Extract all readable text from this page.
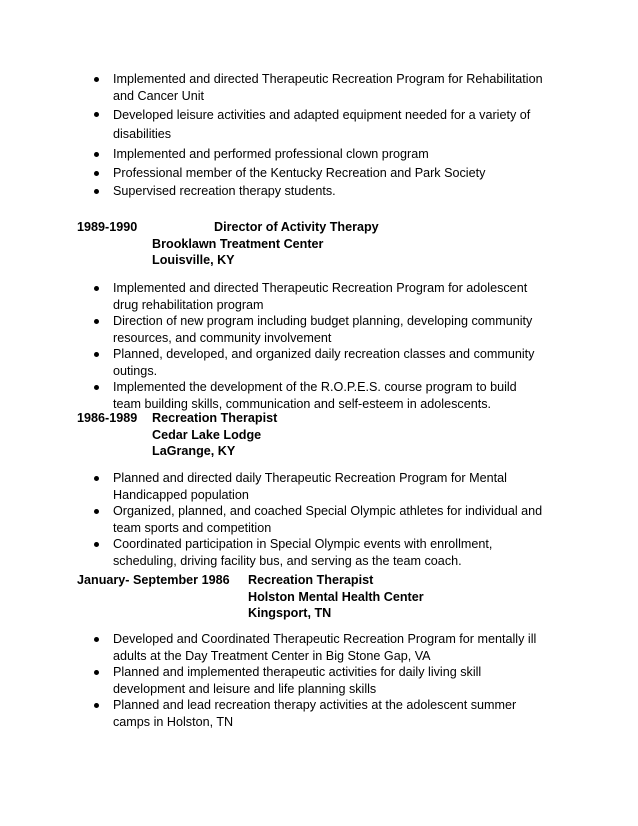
Implemented and directed Therapeutic Recreation Program for Rehabilitation and Cancer Unit
Developed leisure activities and adapted equipment needed for a variety of disabilities
Implemented and performed professional clown program
Professional member of the Kentucky Recreation and Park Society
Supervised recreation therapy students.
1989-1990	Director of Activity Therapy
Brooklawn Treatment Center
Louisville, KY
Implemented and directed Therapeutic Recreation Program for adolescent drug rehabilitation program
Direction of new program including budget planning, developing community resources, and community involvement
Planned, developed, and organized daily recreation classes and community outings.
Implemented the development of the R.O.P.E.S. course program to build team building skills, communication and self-esteem in adolescents.
1986-1989 Recreation Therapist
Cedar Lake Lodge
LaGrange, KY
Planned and directed daily Therapeutic Recreation Program for Mental Handicapped population
Organized, planned, and coached Special Olympic athletes for individual and team sports and competition
Coordinated participation in Special Olympic events with enrollment, scheduling, driving facility bus, and serving as the team coach.
January- September 1986 Recreation Therapist
Holston Mental Health Center
Kingsport, TN
Developed and Coordinated Therapeutic Recreation Program for mentally ill adults at the Day Treatment Center in Big Stone Gap, VA
Planned and implemented therapeutic activities for daily living skill development and leisure and life planning skills
Planned and lead recreation therapy activities at the adolescent summer camps in Holston, TN
